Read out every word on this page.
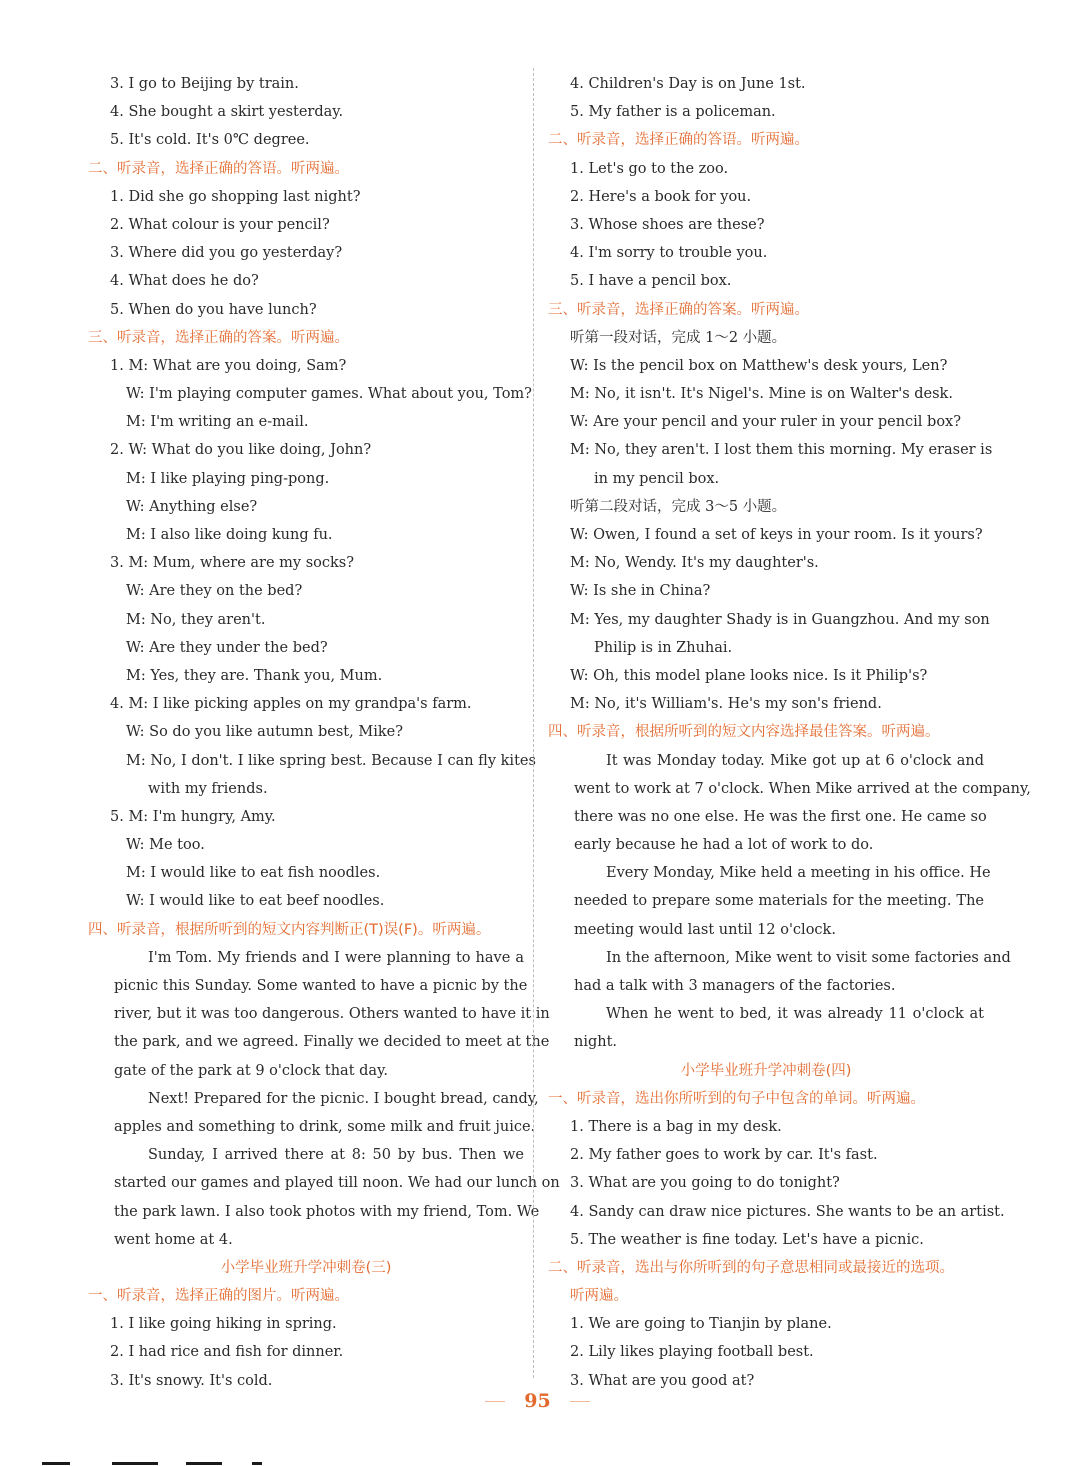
3. I go to Beijing by train.
4. She bought a skirt yesterday.
5. It's cold. It's 0℃ degree.
二、听录音，选择正确的答语。听两遍。
1. Did she go shopping last night?
2. What colour is your pencil?
3. Where did you go yesterday?
4. What does he do?
5. When do you have lunch?
三、听录音，选择正确的答案。听两遍。
1. M: What are you doing, Sam?
W: I'm playing computer games. What about you, Tom?
M: I'm writing an e-mail.
2. W: What do you like doing, John?
M: I like playing ping-pong.
W: Anything else?
M: I also like doing kung fu.
3. M: Mum, where are my socks?
W: Are they on the bed?
M: No, they aren't.
W: Are they under the bed?
M: Yes, they are. Thank you, Mum.
4. M: I like picking apples on my grandpa's farm.
W: So do you like autumn best, Mike?
M: No, I don't. I like spring best. Because I can fly kites
with my friends.
5. M: I'm hungry, Amy.
W: Me too.
M: I would like to eat fish noodles.
W: I would like to eat beef noodles.
四、听录音，根据所听到的短文内容判断正(T)误(F)。听两遍。
I'm Tom. My friends and I were planning to have a
picnic this Sunday. Some wanted to have a picnic by the
river, but it was too dangerous. Others wanted to have it in
the park, and we agreed. Finally we decided to meet at the
gate of the park at 9 o'clock that day.
Next! Prepared for the picnic. I bought bread, candy,
apples and something to drink, some milk and fruit juice.
Sunday, I arrived there at 8: 50 by bus. Then we
started our games and played till noon. We had our lunch on
the park lawn. I also took photos with my friend, Tom. We
went home at 4.
小学毕业班升学冲刺卷(三)
一、听录音，选择正确的图片。听两遍。
1. I like going hiking in spring.
2. I had rice and fish for dinner.
3. It's snowy. It's cold.
4. Children's Day is on June 1st.
5. My father is a policeman.
二、听录音，选择正确的答语。听两遍。
1. Let's go to the zoo.
2. Here's a book for you.
3. Whose shoes are these?
4. I'm sorry to trouble you.
5. I have a pencil box.
三、听录音，选择正确的答案。听两遍。
听第一段对话，完成 1～2 小题。
W: Is the pencil box on Matthew's desk yours, Len?
M: No, it isn't. It's Nigel's. Mine is on Walter's desk.
W: Are your pencil and your ruler in your pencil box?
M: No, they aren't. I lost them this morning. My eraser is
in my pencil box.
听第二段对话，完成 3～5 小题。
W: Owen, I found a set of keys in your room. Is it yours?
M: No, Wendy. It's my daughter's.
W: Is she in China?
M: Yes, my daughter Shady is in Guangzhou. And my son
Philip is in Zhuhai.
W: Oh, this model plane looks nice. Is it Philip's?
M: No, it's William's. He's my son's friend.
四、听录音，根据所听到的短文内容选择最佳答案。听两遍。
It was Monday today. Mike got up at 6 o'clock and
went to work at 7 o'clock. When Mike arrived at the company,
there was no one else. He was the first one. He came so
early because he had a lot of work to do.
Every Monday, Mike held a meeting in his office. He
needed to prepare some materials for the meeting. The
meeting would last until 12 o'clock.
In the afternoon, Mike went to visit some factories and
had a talk with 3 managers of the factories.
When he went to bed, it was already 11 o'clock at
night.
小学毕业班升学冲刺卷(四)
一、听录音，选出你所听到的句子中包含的单词。听两遍。
1. There is a bag in my desk.
2. My father goes to work by car. It's fast.
3. What are you going to do tonight?
4. Sandy can draw nice pictures. She wants to be an artist.
5. The weather is fine today. Let's have a picnic.
二、听录音，选出与你所听到的句子意思相同或最接近的选项。
听两遍。
1. We are going to Tianjin by plane.
2. Lily likes playing football best.
3. What are you good at?
95
